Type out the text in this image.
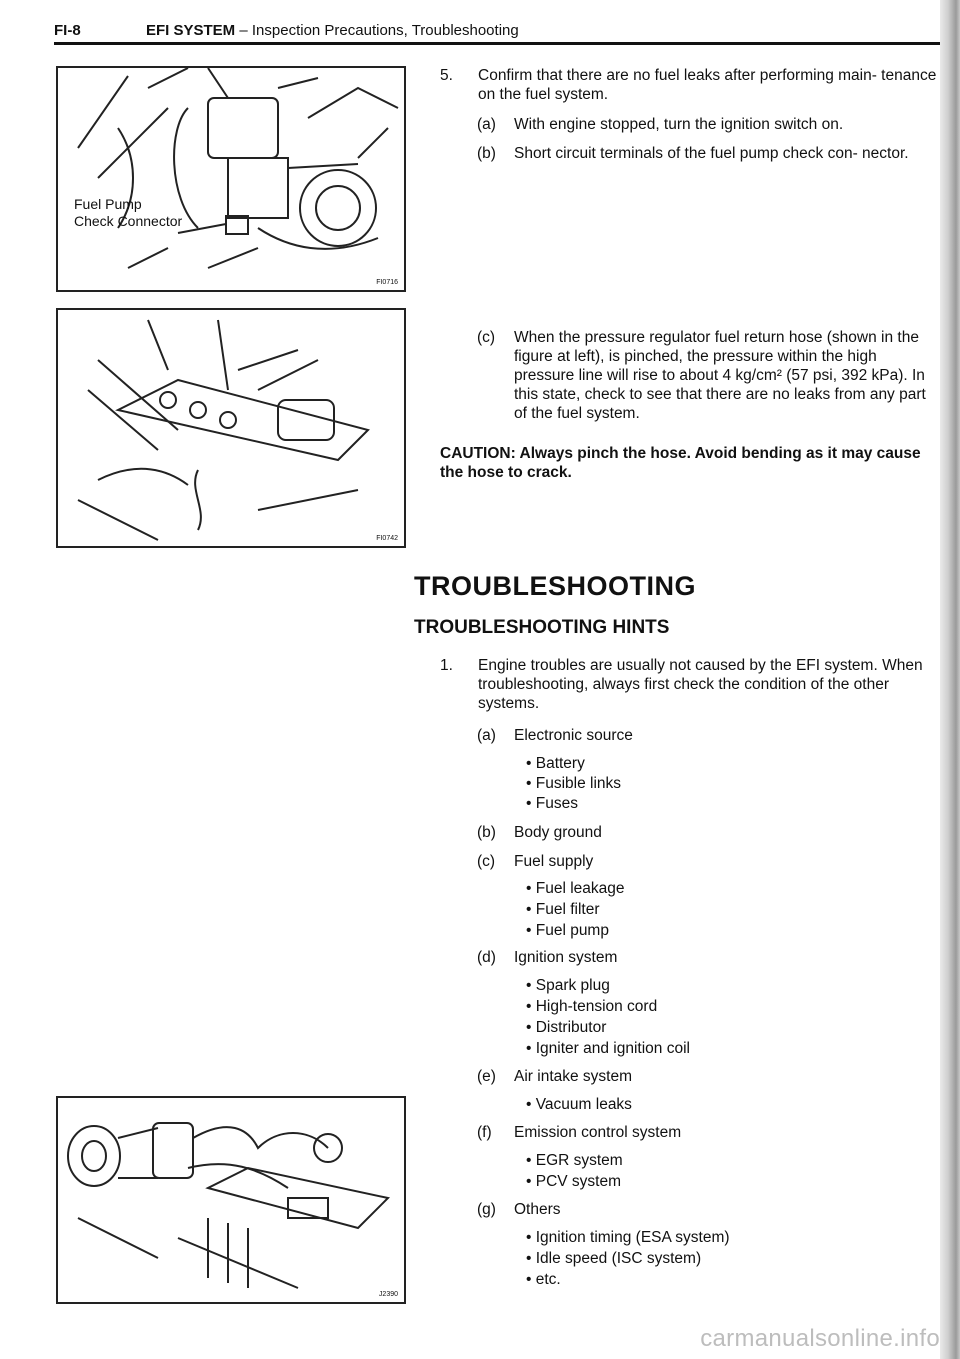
FI-8	EFI SYSTEM – Inspection Precautions, Troubleshooting
Fuel Pump
Check Connector
FI0716
FI0742
J2390
5. Confirm that there are no fuel leaks after performing main- tenance on the fuel system.
(a) With engine stopped, turn the ignition switch on.
(b) Short circuit terminals of the fuel pump check con- nector.
(c) When the pressure regulator fuel return hose (shown in the figure at left), is pinched, the pressure within the high pressure line will rise to about 4 kg/cm² (57 psi, 392 kPa). In this state, check to see that there are no leaks from any part of the fuel system.
CAUTION: Always pinch the hose. Avoid bending as it may cause the hose to crack.
TROUBLESHOOTING
TROUBLESHOOTING HINTS
1. Engine troubles are usually not caused by the EFI system. When troubleshooting, always first check the condition of the other systems.
(a) Electronic source
• Battery
• Fusible links
• Fuses
(b) Body ground
(c) Fuel supply
• Fuel leakage
• Fuel filter
• Fuel pump
(d) Ignition system
• Spark plug
• High-tension cord
• Distributor
• Igniter and ignition coil
(e) Air intake system
• Vacuum leaks
(f) Emission control system
• EGR system
• PCV system
(g) Others
• Ignition timing (ESA system)
• Idle speed (ISC system)
• etc.
carmanualsonline.info
